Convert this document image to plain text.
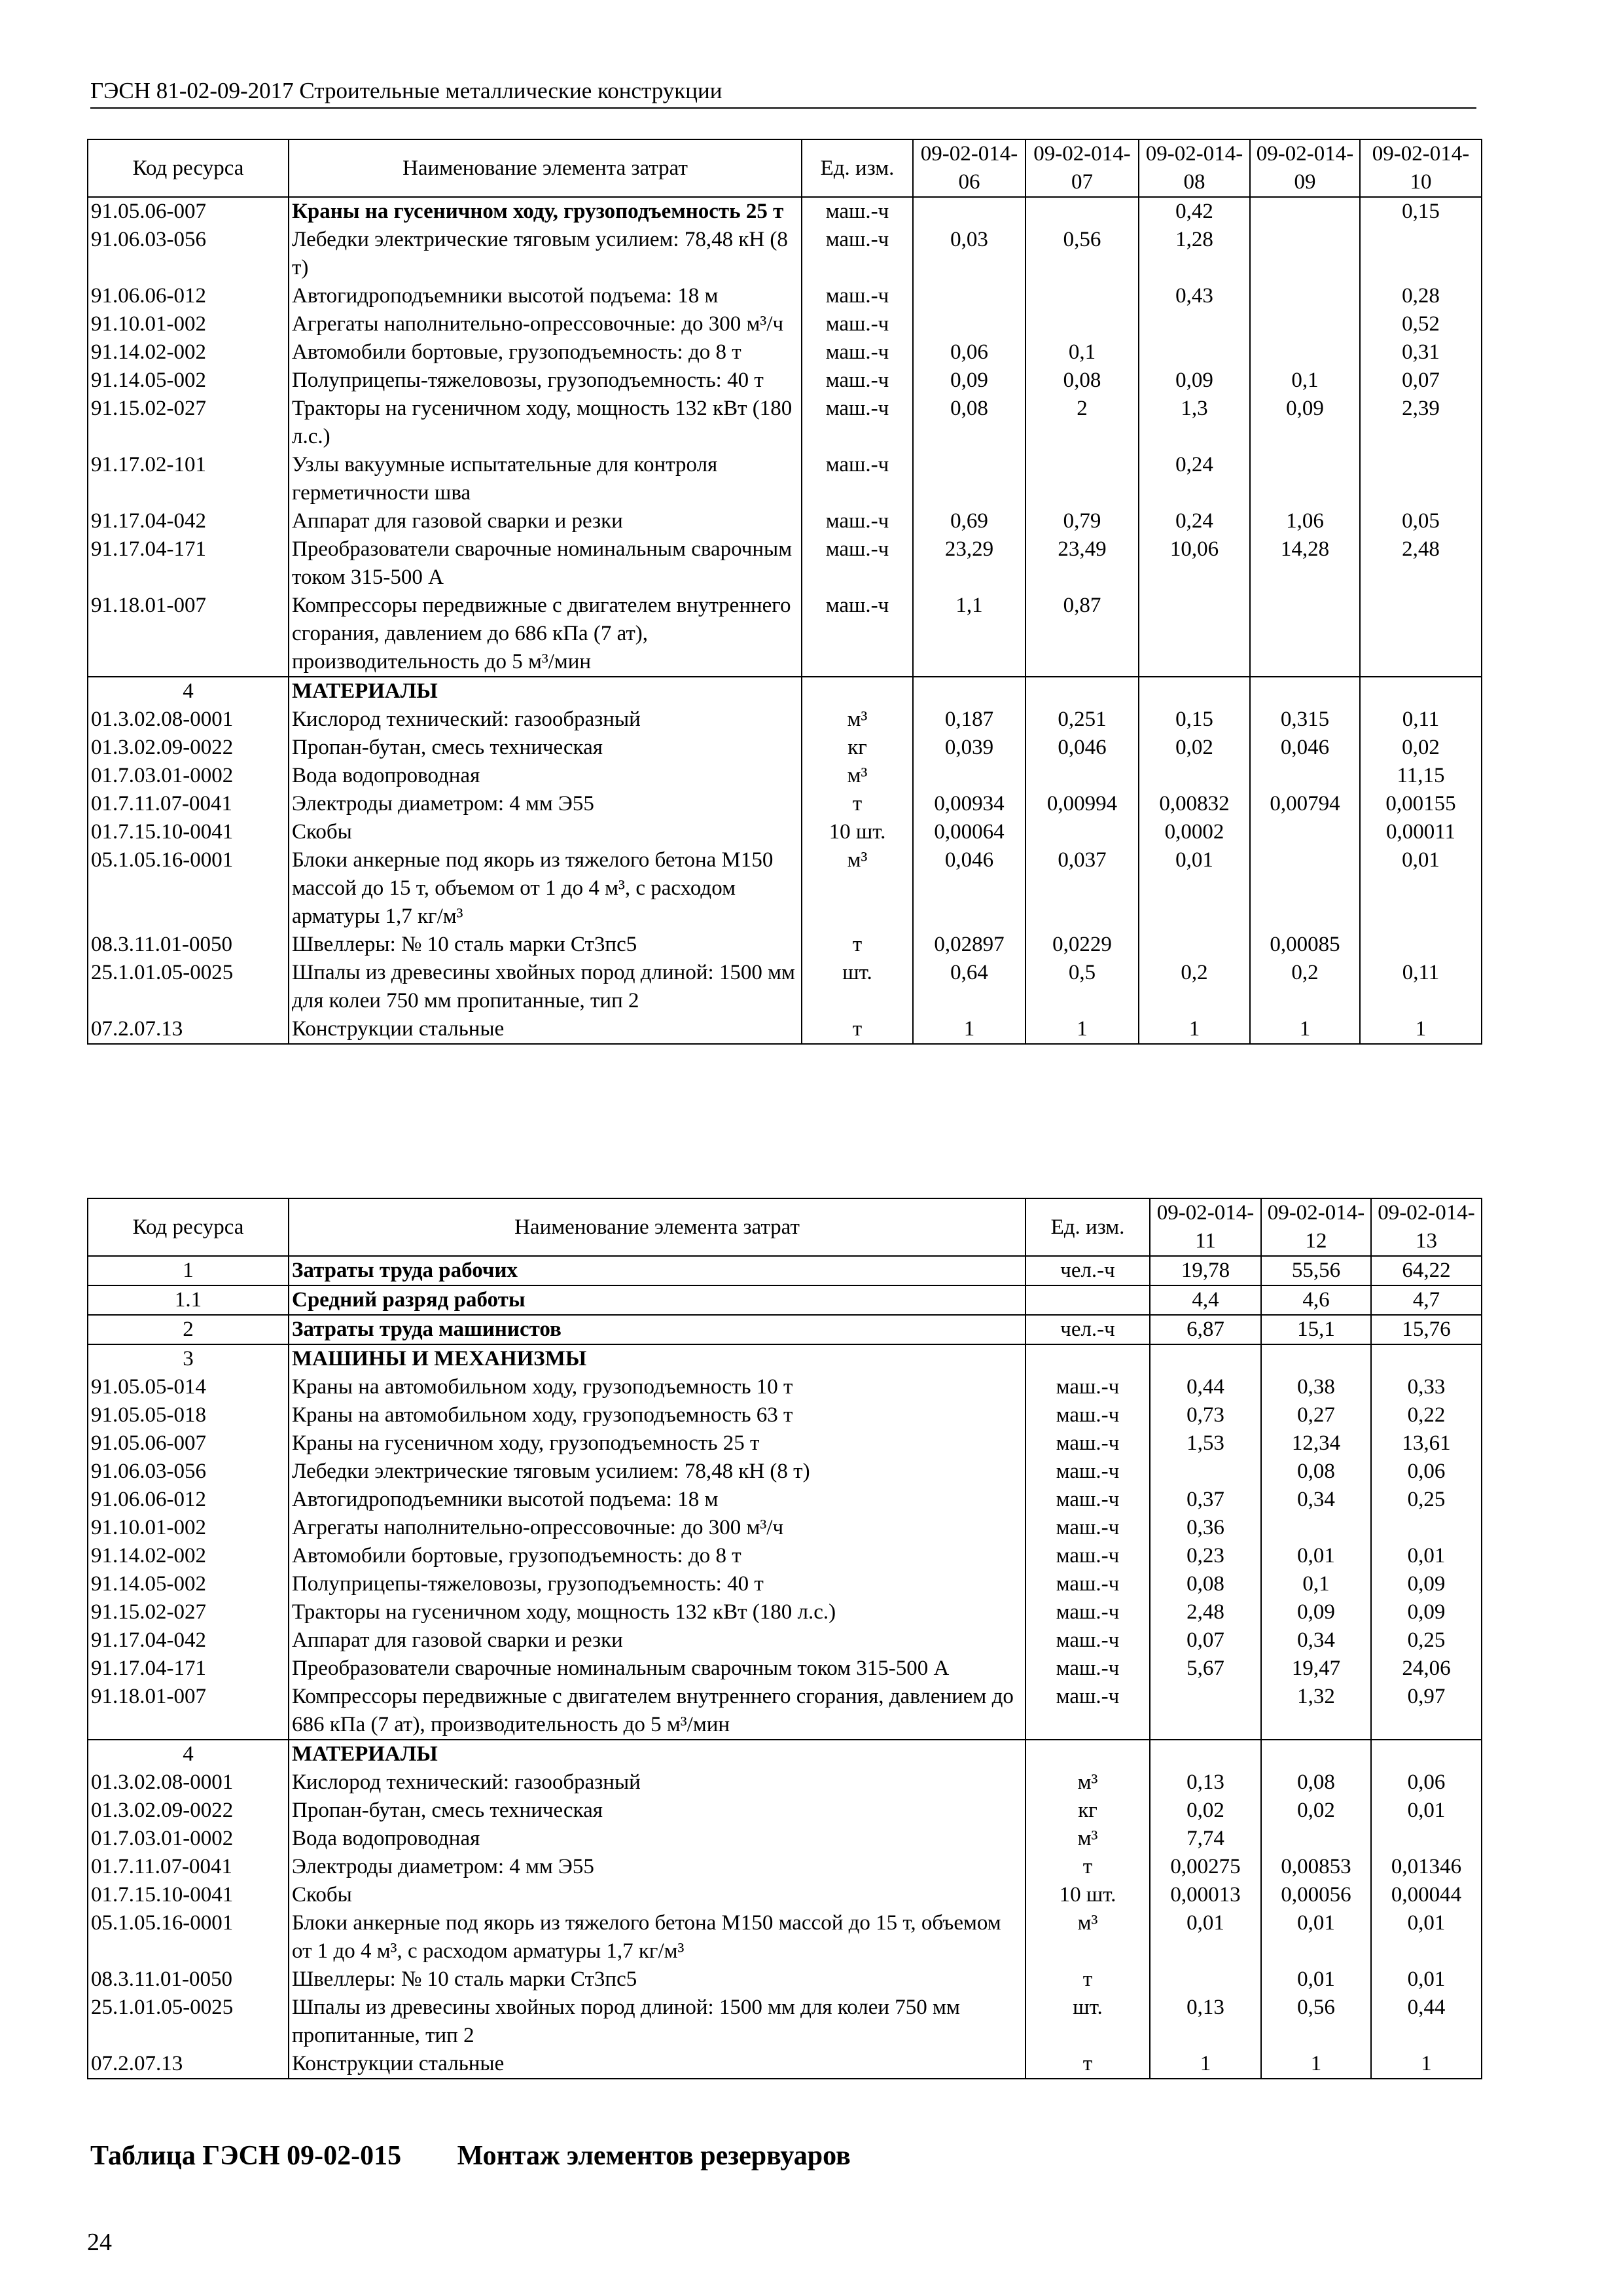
ГЭСН 81-02-09-2017 Строительные металлические конструкции
Код ресурса	Наименование элемента затрат	Ед. изм.	09-02-014-06	09-02-014-07	09-02-014-08	09-02-014-09	09-02-014-10
91.05.06-007	Краны на гусеничном ходу, грузоподъемность 25 т	маш.-ч			0,42		0,15
91.06.03-056	Лебедки электрические тяговым усилием: 78,48 кН (8 т)	маш.-ч	0,03	0,56	1,28		
91.06.06-012	Автогидроподъемники высотой подъема: 18 м	маш.-ч			0,43		0,28
91.10.01-002	Агрегаты наполнительно-опрессовочные: до 300 м³/ч	маш.-ч					0,52
91.14.02-002	Автомобили бортовые, грузоподъемность: до 8 т	маш.-ч	0,06	0,1			0,31
91.14.05-002	Полуприцепы-тяжеловозы, грузоподъемность: 40 т	маш.-ч	0,09	0,08	0,09	0,1	0,07
91.15.02-027	Тракторы на гусеничном ходу, мощность 132 кВт (180 л.с.)	маш.-ч	0,08	2	1,3	0,09	2,39
91.17.02-101	Узлы вакуумные испытательные для контроля герметичности шва	маш.-ч			0,24		
91.17.04-042	Аппарат для газовой сварки и резки	маш.-ч	0,69	0,79	0,24	1,06	0,05
91.17.04-171	Преобразователи сварочные номинальным сварочным током 315-500 А	маш.-ч	23,29	23,49	10,06	14,28	2,48
91.18.01-007	Компрессоры передвижные с двигателем внутреннего сгорания, давлением до 686 кПа (7 ат), производительность до 5 м³/мин	маш.-ч	1,1	0,87			
4	МАТЕРИАЛЫ						
01.3.02.08-0001	Кислород технический: газообразный	м³	0,187	0,251	0,15	0,315	0,11
01.3.02.09-0022	Пропан-бутан, смесь техническая	кг	0,039	0,046	0,02	0,046	0,02
01.7.03.01-0002	Вода водопроводная	м³					11,15
01.7.11.07-0041	Электроды диаметром: 4 мм Э55	т	0,00934	0,00994	0,00832	0,00794	0,00155
01.7.15.10-0041	Скобы	10 шт.	0,00064		0,0002		0,00011
05.1.05.16-0001	Блоки анкерные под якорь из тяжелого бетона М150 массой до 15 т, объемом от 1 до 4 м³, с расходом арматуры 1,7 кг/м³	м³	0,046	0,037	0,01		0,01
08.3.11.01-0050	Швеллеры: № 10 сталь марки Ст3пс5	т	0,02897	0,0229		0,00085	
25.1.01.05-0025	Шпалы из древесины хвойных пород длиной: 1500 мм для колеи 750 мм пропитанные, тип 2	шт.	0,64	0,5	0,2	0,2	0,11
07.2.07.13	Конструкции стальные	т	1	1	1	1	1
Код ресурса	Наименование элемента затрат	Ед. изм.	09-02-014-11	09-02-014-12	09-02-014-13
1	Затраты труда рабочих	чел.-ч	19,78	55,56	64,22
1.1	Средний разряд работы		4,4	4,6	4,7
2	Затраты труда машинистов	чел.-ч	6,87	15,1	15,76
3	МАШИНЫ И МЕХАНИЗМЫ				
91.05.05-014	Краны на автомобильном ходу, грузоподъемность 10 т	маш.-ч	0,44	0,38	0,33
91.05.05-018	Краны на автомобильном ходу, грузоподъемность 63 т	маш.-ч	0,73	0,27	0,22
91.05.06-007	Краны на гусеничном ходу, грузоподъемность 25 т	маш.-ч	1,53	12,34	13,61
91.06.03-056	Лебедки электрические тяговым усилием: 78,48 кН (8 т)	маш.-ч		0,08	0,06
91.06.06-012	Автогидроподъемники высотой подъема: 18 м	маш.-ч	0,37	0,34	0,25
91.10.01-002	Агрегаты наполнительно-опрессовочные: до 300 м³/ч	маш.-ч	0,36		
91.14.02-002	Автомобили бортовые, грузоподъемность: до 8 т	маш.-ч	0,23	0,01	0,01
91.14.05-002	Полуприцепы-тяжеловозы, грузоподъемность: 40 т	маш.-ч	0,08	0,1	0,09
91.15.02-027	Тракторы на гусеничном ходу, мощность 132 кВт (180 л.с.)	маш.-ч	2,48	0,09	0,09
91.17.04-042	Аппарат для газовой сварки и резки	маш.-ч	0,07	0,34	0,25
91.17.04-171	Преобразователи сварочные номинальным сварочным током 315-500 А	маш.-ч	5,67	19,47	24,06
91.18.01-007	Компрессоры передвижные с двигателем внутреннего сгорания, давлением до 686 кПа (7 ат), производительность до 5 м³/мин	маш.-ч		1,32	0,97
4	МАТЕРИАЛЫ				
01.3.02.08-0001	Кислород технический: газообразный	м³	0,13	0,08	0,06
01.3.02.09-0022	Пропан-бутан, смесь техническая	кг	0,02	0,02	0,01
01.7.03.01-0002	Вода водопроводная	м³	7,74		
01.7.11.07-0041	Электроды диаметром: 4 мм Э55	т	0,00275	0,00853	0,01346
01.7.15.10-0041	Скобы	10 шт.	0,00013	0,00056	0,00044
05.1.05.16-0001	Блоки анкерные под якорь из тяжелого бетона М150 массой до 15 т, объемом от 1 до 4 м³, с расходом арматуры 1,7 кг/м³	м³	0,01	0,01	0,01
08.3.11.01-0050	Швеллеры: № 10 сталь марки Ст3пс5	т		0,01	0,01
25.1.01.05-0025	Шпалы из древесины хвойных пород длиной: 1500 мм для колеи 750 мм пропитанные, тип 2	шт.	0,13	0,56	0,44
07.2.07.13	Конструкции стальные	т	1	1	1
Таблица ГЭСН 09-02-015 Монтаж элементов резервуаров
24
